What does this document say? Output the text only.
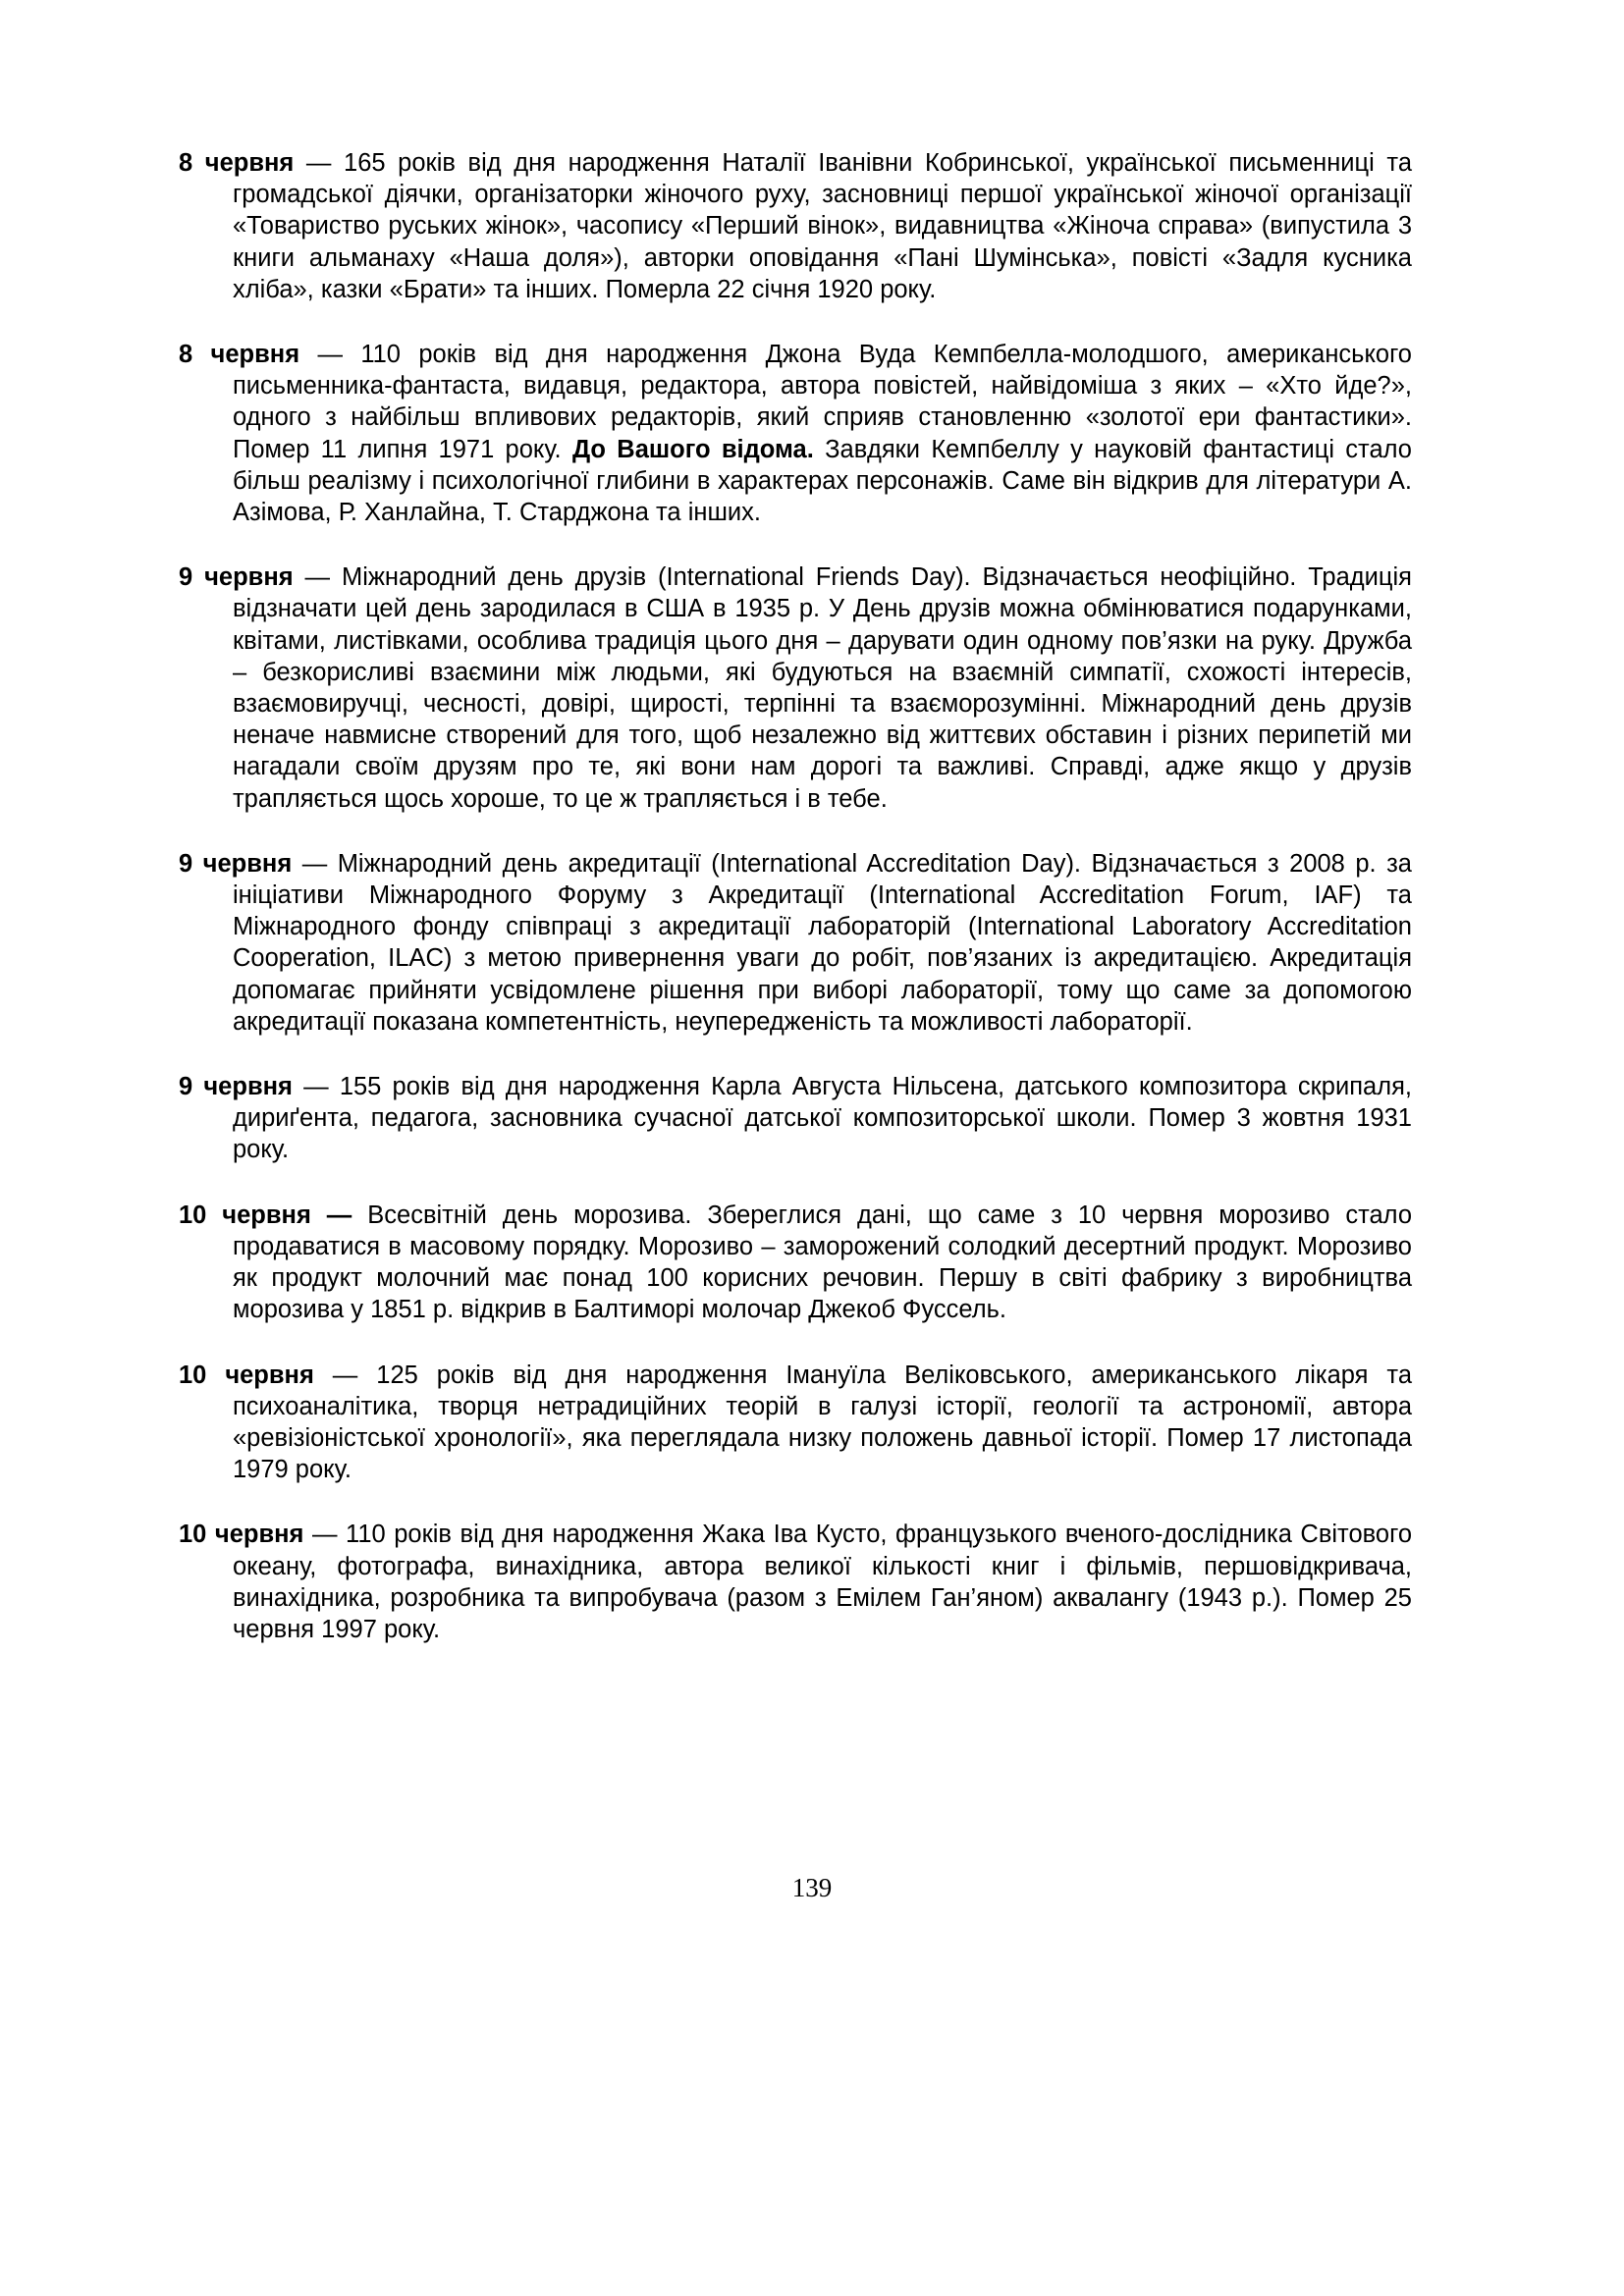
8 червня — 165 років від дня народження Наталії Іванівни Кобринської, української письменниці та громадської діячки, організаторки жіночого руху, засновниці першої української жіночої організації «Товариство руських жінок», часопису «Перший вінок», видавництва «Жіноча справа» (випустила 3 книги альманаху «Наша доля»), авторки оповідання «Пані Шумінська», повісті «Задля кусника хліба», казки «Брати» та інших. Померла 22 січня 1920 року.

8 червня — 110 років від дня народження Джона Вуда Кемпбелла-молодшого, американського письменника-фантаста, видавця, редактора, автора повістей, найвідоміша з яких – «Хто йде?», одного з найбільш впливових редакторів, який сприяв становленню «золотої ери фантастики». Помер 11 липня 1971 року. До Вашого відома. Завдяки Кемпбеллу у науковій фантастиці стало більш реалізму і психологічної глибини в характерах персонажів. Саме він відкрив для літератури А. Азімова, Р. Ханлайна, Т. Старджона та інших.

9 червня — Міжнародний день друзів (International Friends Day). Відзначається неофіційно. Традиція відзначати цей день зародилася в США в 1935 р. У День друзів можна обмінюватися подарунками, квітами, листівками, особлива традиція цього дня – дарувати один одному пов’язки на руку. Дружба – безкорисливі взаємини між людьми, які будуються на взаємній симпатії, схожості інтересів, взаємовиручці, чесності, довірі, щирості, терпінні та взаєморозумінні. Міжнародний день друзів неначе навмисне створений для того, щоб незалежно від життєвих обставин і різних перипетій ми нагадали своїм друзям про те, які вони нам дорогі та важливі. Справді, адже якщо у друзів трапляється щось хороше, то це ж трапляється і в тебе.

9 червня — Міжнародний день акредитації (International Accreditation Day). Відзначається з 2008 р. за ініціативи Міжнародного Форуму з Акредитації (International Accreditation Forum, IAF) та Міжнародного фонду співпраці з акредитації лабораторій (International Laboratory Accreditation Cooperation, ILAC) з метою привернення уваги до робіт, пов’язаних із акредитацією. Акредитація допомагає прийняти усвідомлене рішення при виборі лабораторії, тому що саме за допомогою акредитації показана компетентність, неупередженість та можливості лабораторії.

9 червня — 155 років від дня народження Карла Августа Нільсена, датського композитора скрипаля, дириґента, педагога, засновника сучасної датської композиторської школи. Помер 3 жовтня 1931 року.

10 червня — Всесвітній день морозива. Збереглися дані, що саме з 10 червня морозиво стало продаватися в масовому порядку. Морозиво – заморожений солодкий десертний продукт. Морозиво як продукт молочний має понад 100 корисних речовин. Першу в світі фабрику з виробництва морозива у 1851 р. відкрив в Балтиморі молочар Джекоб Фуссель.

10 червня — 125 років від дня народження Імануїла Веліковського, американського лікаря та психоаналітика, творця нетрадиційних теорій в галузі історії, геології та астрономії, автора «ревізіоністської хронології», яка переглядала низку положень давньої історії. Помер 17 листопада 1979 року.

10 червня — 110 років від дня народження Жака Іва Кусто, французького вченого-дослідника Світового океану, фотографа, винахідника, автора великої кількості книг і фільмів, першовідкривача, винахідника, розробника та випробувача (разом з Емілем Ган’яном) аквалангу (1943 р.). Помер 25 червня 1997 року.

139
